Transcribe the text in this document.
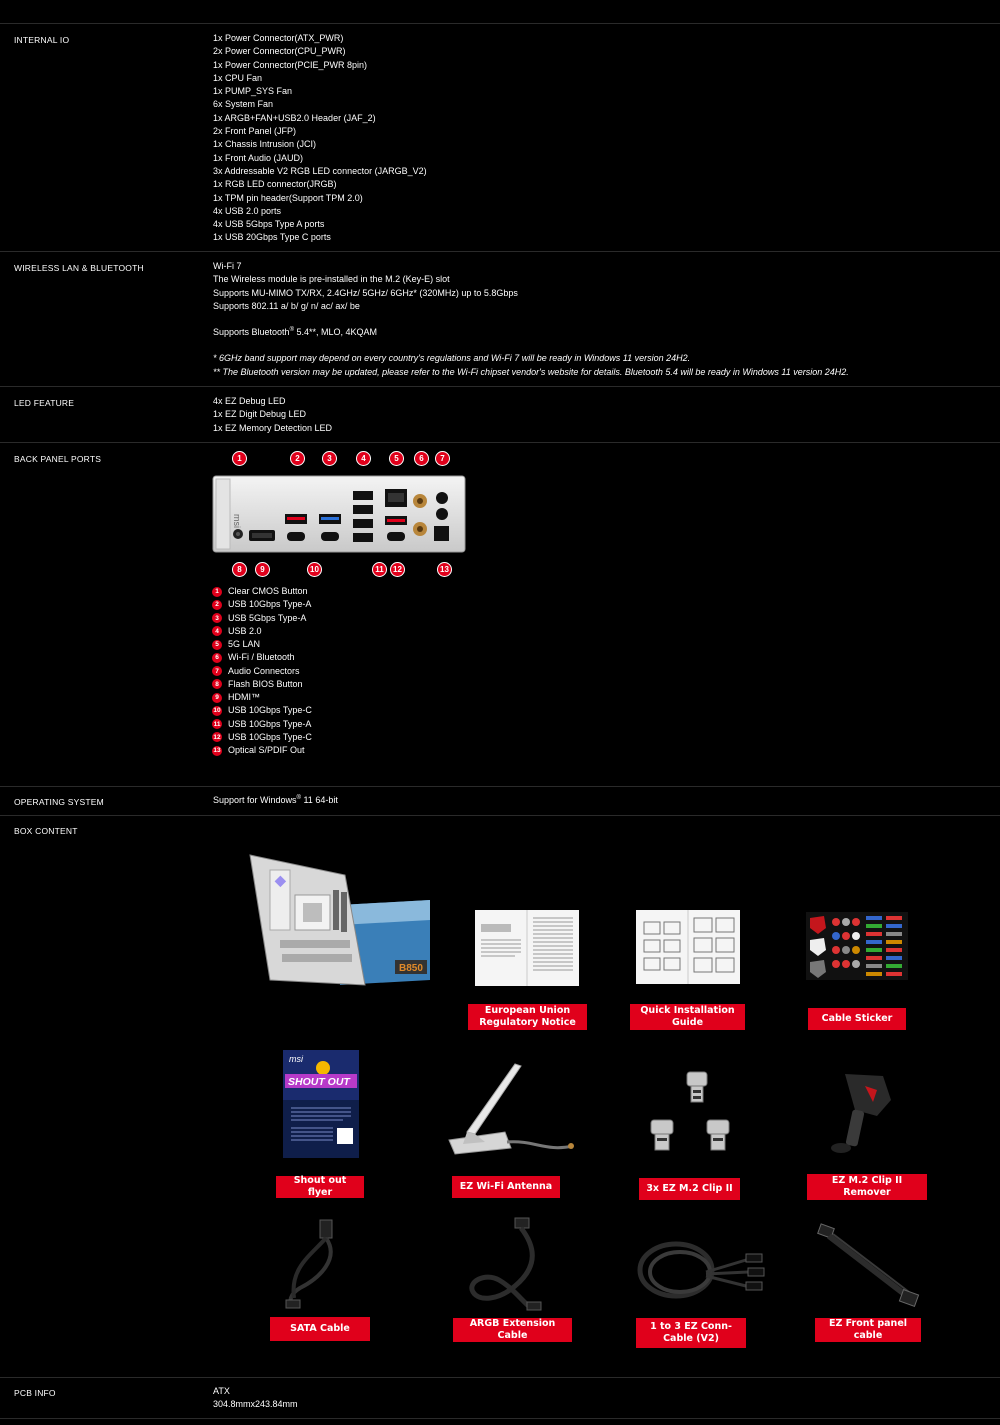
INTERNAL IO	1x Power Connector(ATX_PWR)
2x Power Connector(CPU_PWR)
1x Power Connector(PCIE_PWR 8pin)
1x CPU Fan
1x PUMP_SYS Fan
6x System Fan
1x ARGB+FAN+USB2.0 Header (JAF_2)
2x Front Panel (JFP)
1x Chassis Intrusion (JCI)
1x Front Audio (JAUD)
3x Addressable V2 RGB LED connector (JARGB_V2)
1x RGB LED connector(JRGB)
1x TPM pin header(Support TPM 2.0)
4x USB 2.0 ports
4x USB 5Gbps Type A ports
1x USB 20Gbps Type C ports
WIRELESS LAN & BLUETOOTH	Wi-Fi 7
The Wireless module is pre-installed in the M.2 (Key-E) slot
Supports MU-MIMO TX/RX, 2.4GHz/ 5GHz/ 6GHz* (320MHz) up to 5.8Gbps
Supports 802.11 a/ b/ g/ n/ ac/ ax/ be
Supports Bluetooth® 5.4**, MLO, 4KQAM
* 6GHz band support may depend on every country's regulations and Wi-Fi 7 will be ready in Windows 11 version 24H2.
** The Bluetooth version may be updated, please refer to the Wi-Fi chipset vendor's website for details. Bluetooth 5.4 will be ready in Windows 11 version 24H2.
LED FEATURE	4x EZ Debug LED
1x EZ Digit Debug LED
1x EZ Memory Detection LED
BACK PANEL PORTS
msi
1	2	3	4	5	6	7
8	9	10	11	12	13
1	Clear CMOS Button
2	USB 10Gbps Type-A
3	USB 5Gbps Type-A
4	USB 2.0
5	5G LAN
6	Wi-Fi / Bluetooth
7	Audio Connectors
8	Flash BIOS Button
9	HDMI™
10 USB 10Gbps Type-C
11 USB 10Gbps Type-A
12 USB 10Gbps Type-C
13 Optical S/PDIF Out
OPERATING SYSTEM	Support for Windows® 11 64-bit
BOX CONTENT
B850
◆
msi
SHOUT OUT
European Union Regulatory Notice
Quick Installation Guide	Cable Sticker
Shout out flyer
EZ Wi-Fi Antenna	3x EZ M.2 Clip II
EZ M.2 Clip II Remover
SATA Cable	ARGB Extension Cable
1 to 3 EZ Conn-Cable (V2)
EZ Front panel cable
PCB INFO	ATX
304.8mmx243.84mm
